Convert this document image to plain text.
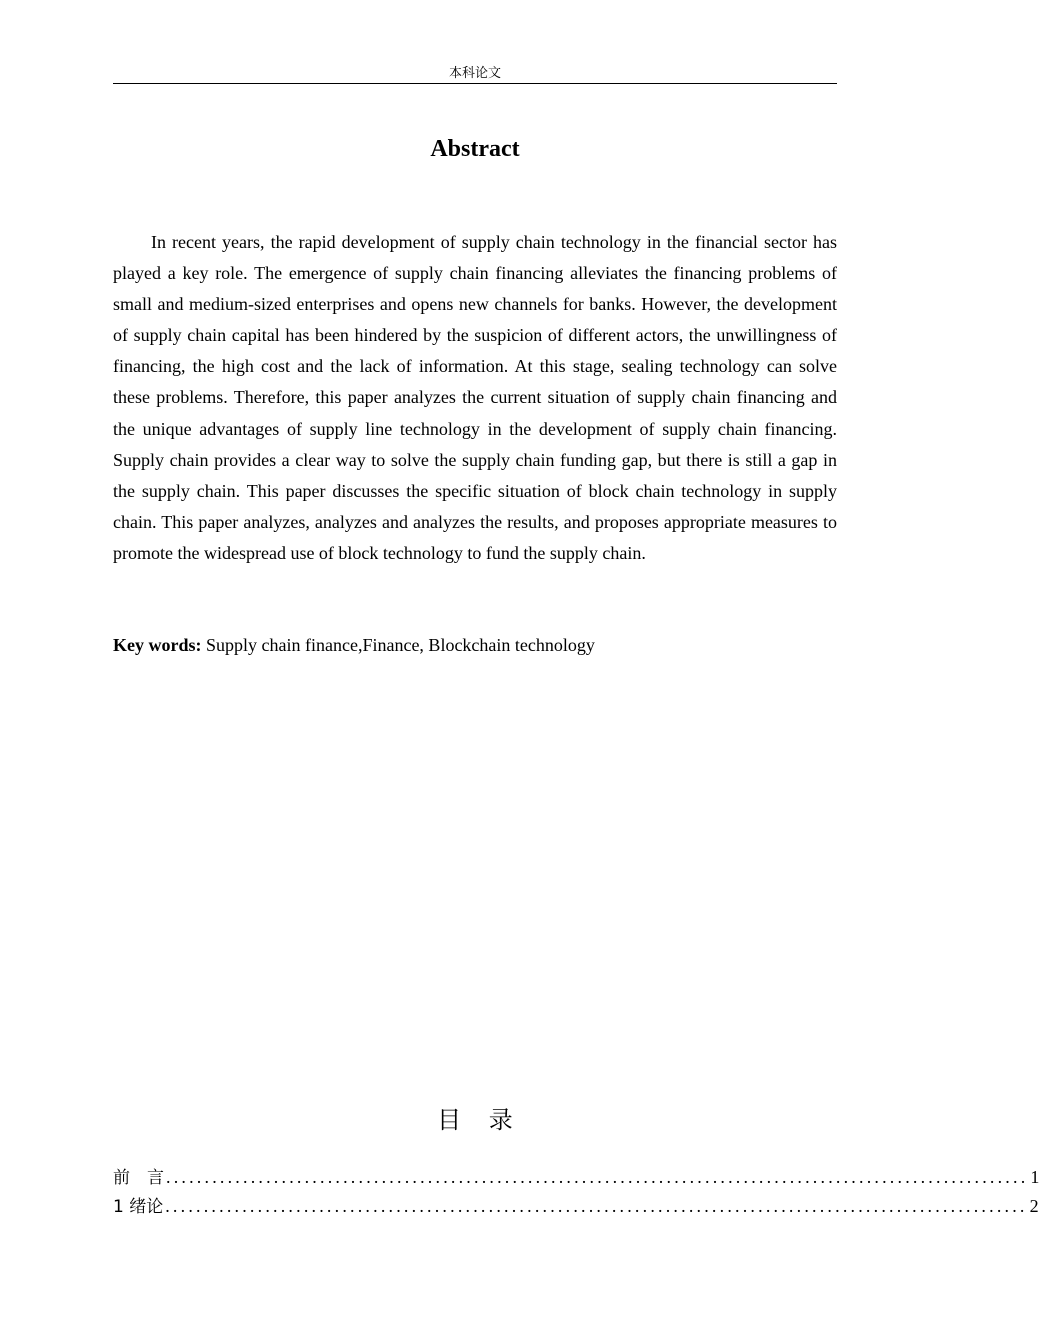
本科论文
Abstract

In recent years, the rapid development of supply chain technology in the financial sector has played a key role. The emergence of supply chain financing alleviates the financing problems of small and medium-sized enterprises and opens new channels for banks. However, the development of supply chain capital has been hindered by the suspicion of different actors, the unwillingness of financing, the high cost and the lack of information. At this stage, sealing technology can solve these problems. Therefore, this paper analyzes the current situation of supply chain financing and the unique advantages of supply line technology in the development of supply chain financing. Supply chain provides a clear way to solve the supply chain funding gap, but there is still a gap in the supply chain. This paper discusses the specific situation of block chain technology in supply chain. This paper analyzes, analyzes and analyzes the results, and proposes appropriate measures to promote the widespread use of block technology to fund the supply chain.

Key words: Supply chain finance,Finance, Blockchain technology
目 录
前　言 ................................................................................................................ 1
1 绪论 ................................................................................................................ 2
